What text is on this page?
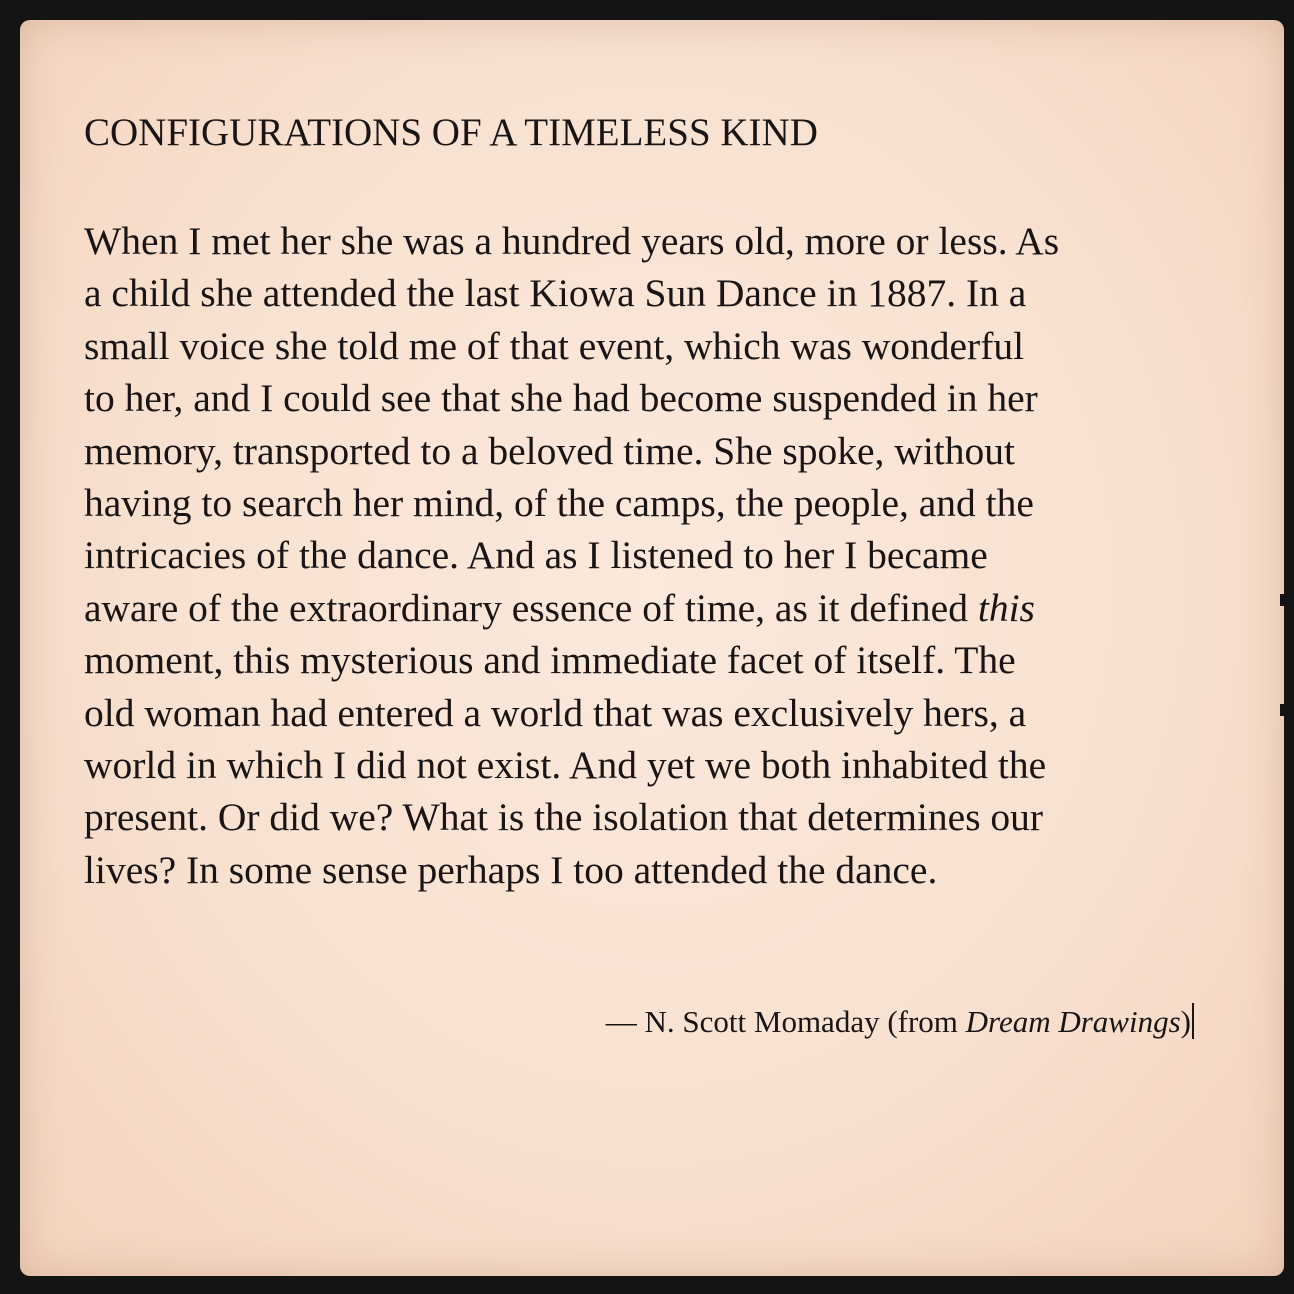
CONFIGURATIONS OF A TIMELESS KIND
When I met her she was a hundred years old, more or less. As
a child she attended the last Kiowa Sun Dance in 1887. In a
small voice she told me of that event, which was wonderful
to her, and I could see that she had become suspended in her
memory, transported to a beloved time. She spoke, without
having to search her mind, of the camps, the people, and the
intricacies of the dance. And as I listened to her I became
aware of the extraordinary essence of time, as it defined this
moment, this mysterious and immediate facet of itself. The
old woman had entered a world that was exclusively hers, a
world in which I did not exist. And yet we both inhabited the
present. Or did we? What is the isolation that determines our
lives? In some sense perhaps I too attended the dance.

— N. Scott Momaday (from Dream Drawings)
